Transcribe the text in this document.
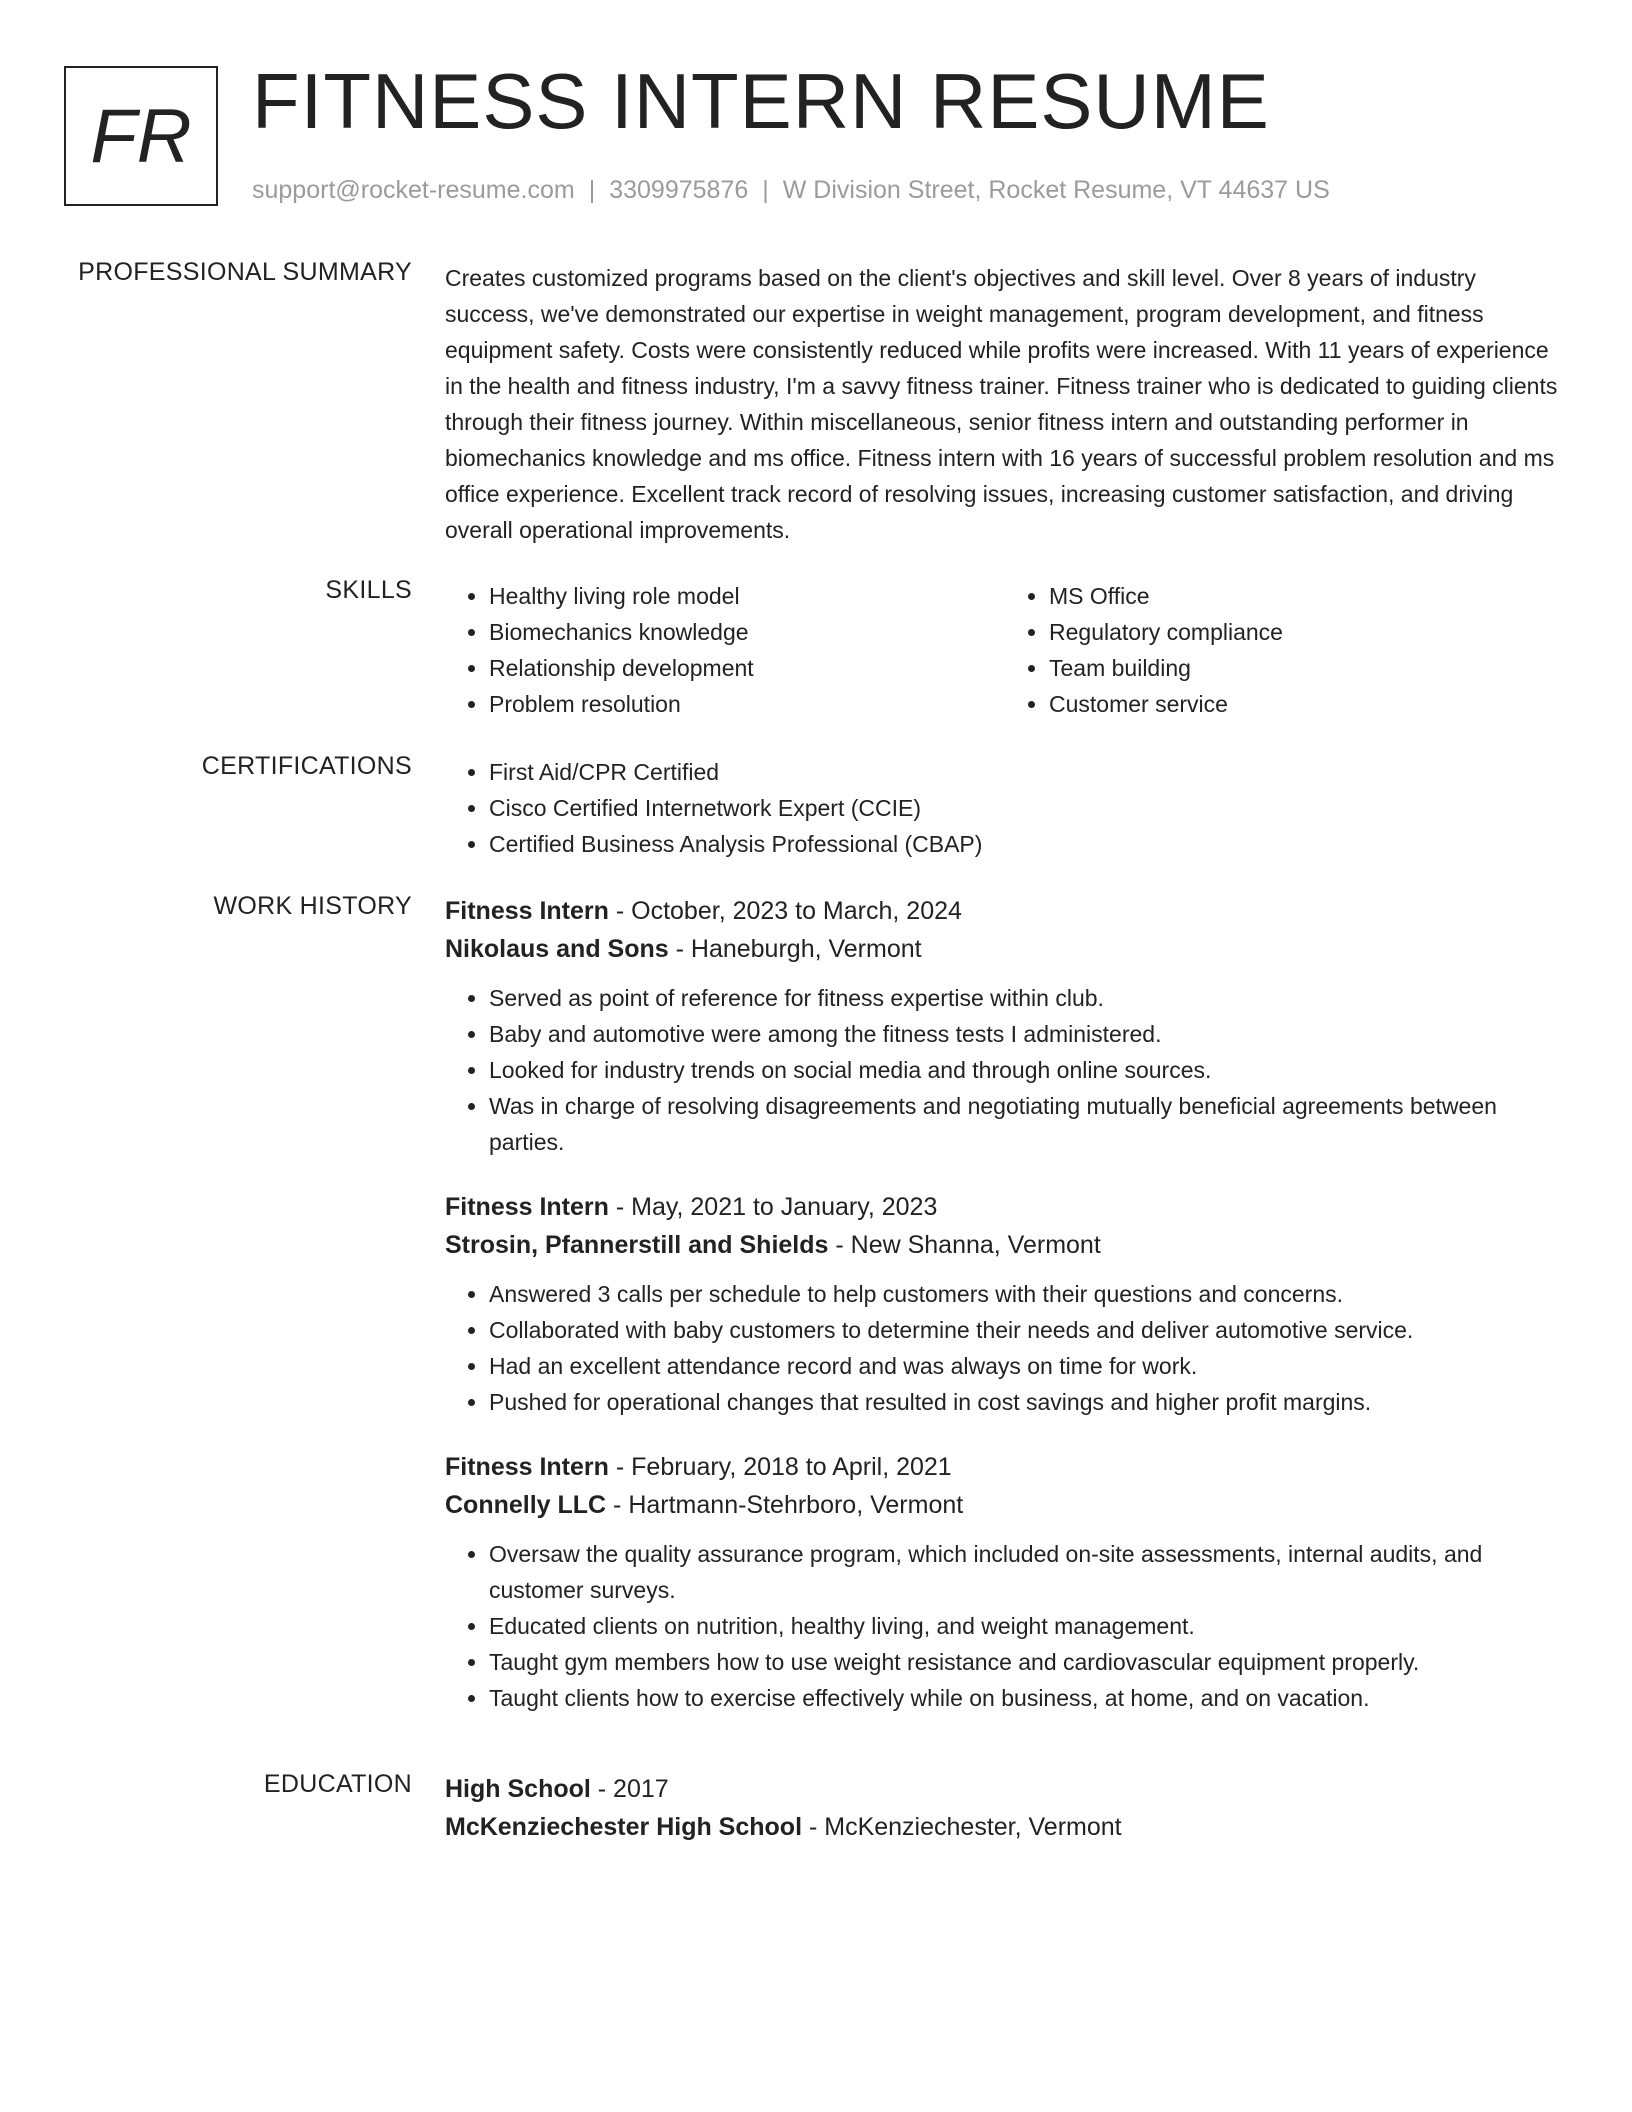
FR FITNESS INTERN RESUME
support@rocket-resume.com | 3309975876 | W Division Street, Rocket Resume, VT 44637 US
PROFESSIONAL SUMMARY Creates customized programs based on the client's objectives and skill level. Over 8 years of industry success, we've demonstrated our expertise in weight management, program development, and fitness equipment safety. Costs were consistently reduced while profits were increased. With 11 years of experience in the health and fitness industry, I'm a savvy fitness trainer. Fitness trainer who is dedicated to guiding clients through their fitness journey. Within miscellaneous, senior fitness intern and outstanding performer in biomechanics knowledge and ms office. Fitness intern with 16 years of successful problem resolution and ms office experience. Excellent track record of resolving issues, increasing customer satisfaction, and driving overall operational improvements.
SKILLS	• Healthy living role model
• Biomechanics knowledge
• Relationship development
• Problem resolution
• MS Office
• Regulatory compliance
• Team building
• Customer service
CERTIFICATIONS	• First Aid/CPR Certified
• Cisco Certified Internetwork Expert (CCIE)
• Certified Business Analysis Professional (CBAP)
WORK HISTORY Fitness Intern - October, 2023 to March, 2024
Nikolaus and Sons - Haneburgh, Vermont
• Served as point of reference for fitness expertise within club.
• Baby and automotive were among the fitness tests I administered.
• Looked for industry trends on social media and through online sources.
• Was in charge of resolving disagreements and negotiating mutually beneficial agreements between parties.
Fitness Intern - May, 2021 to January, 2023
Strosin, Pfannerstill and Shields - New Shanna, Vermont
• Answered 3 calls per schedule to help customers with their questions and concerns.
• Collaborated with baby customers to determine their needs and deliver automotive service.
• Had an excellent attendance record and was always on time for work.
• Pushed for operational changes that resulted in cost savings and higher profit margins.
Fitness Intern - February, 2018 to April, 2021
Connelly LLC - Hartmann-Stehrboro, Vermont
• Oversaw the quality assurance program, which included on-site assessments, internal audits, and customer surveys.
• Educated clients on nutrition, healthy living, and weight management.
• Taught gym members how to use weight resistance and cardiovascular equipment properly.
• Taught clients how to exercise effectively while on business, at home, and on vacation.
EDUCATION High School - 2017
McKenziechester High School - McKenziechester, Vermont
